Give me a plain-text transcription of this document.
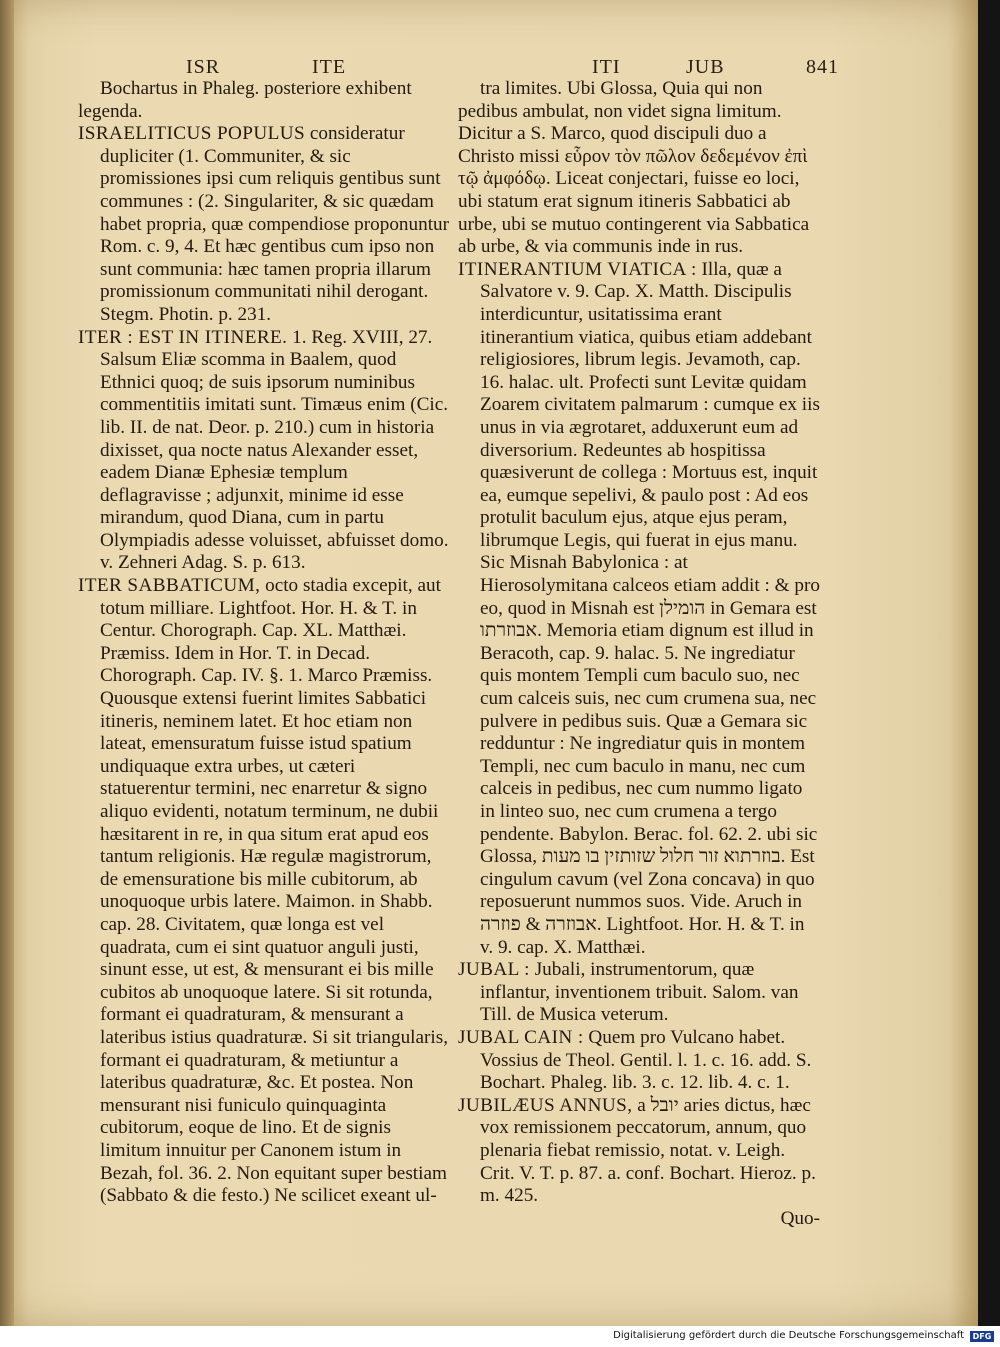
ISR	ITE	ITI	JUB	841

Bochartus in Phaleg. posteriore exhibent legenda.

ISRAELITICUS POPULUS consideratur dupliciter (1. Communiter, & sic promissiones ipsi cum reliquis gentibus sunt communes : (2. Singulariter, & sic quædam habet propria, quæ compendiose proponuntur Rom. c. 9, 4. Et hæc gentibus cum ipso non sunt communia: hæc tamen propria illarum promissionum communitati nihil derogant. Stegm. Photin. p. 231.

ITER : EST IN ITINERE. 1. Reg. XVIII, 27. Salsum Eliæ scomma in Baalem, quod Ethnici quoq; de suis ipsorum numinibus commentitiis imitati sunt. Timæus enim (Cic. lib. II. de nat. Deor. p. 210.) cum in historia dixisset, qua nocte natus Alexander esset, eadem Dianæ Ephesiæ templum deflagravisse ; adjunxit, minime id esse mirandum, quod Diana, cum in partu Olympiadis adesse voluisset, abfuisset domo. v. Zehneri Adag. S. p. 613.

ITER SABBATICUM, octo stadia excepit, aut totum milliare. Lightfoot. Hor. H. & T. in Centur. Chorograph. Cap. XL. Matthæi. Præmiss. Idem in Hor. T. in Decad. Chorograph. Cap. IV. §. 1. Marco Præmiss. Quousque extensi fuerint limites Sabbatici itineris, neminem latet. Et hoc etiam non lateat, emensuratum fuisse istud spatium undiquaque extra urbes, ut cæteri statuerentur termini, nec enarretur & signo aliquo evidenti, notatum terminum, ne dubii hæsitarent in re, in qua situm erat apud eos tantum religionis. Hæ regulæ magistrorum, de emensuratione bis mille cubitorum, ab unoquoque urbis latere. Maimon. in Shabb. cap. 28. Civitatem, quæ longa est vel quadrata, cum ei sint quatuor anguli justi, sinunt esse, ut est, & mensurant ei bis mille cubitos ab unoquoque latere. Si sit rotunda, formant ei quadraturam, & mensurant a lateribus istius quadraturæ. Si sit triangularis, formant ei quadraturam, & metiuntur a lateribus quadraturæ, &c. Et postea. Non mensurant nisi funiculo quinquaginta cubitorum, eoque de lino. Et de signis limitum innuitur per Canonem istum in Bezah, fol. 36. 2. Non equitant super bestiam (Sabbato & die festo.) Ne scilicet exeant ul-

tra limites. Ubi Glossa, Quia qui non pedibus ambulat, non videt signa limitum. Dicitur a S. Marco, quod discipuli duo a Christo missi εὗρον τὸν πῶλον δεδεμένον ἐπὶ τῷ ἀμφόδῳ. Liceat conjectari, fuisse eo loci, ubi statum erat signum itineris Sabbatici ab urbe, ubi se mutuo contingerent via Sabbatica ab urbe, & via communis inde in rus.

ITINERANTIUM VIATICA : Illa, quæ a Salvatore v. 9. Cap. X. Matth. Discipulis interdicuntur, usitatissima erant itinerantium viatica, quibus etiam addebant religiosiores, librum legis. Jevamoth, cap. 16. halac. ult. Profecti sunt Levitæ quidam Zoarem civitatem palmarum : cumque ex iis unus in via ægrotaret, adduxerunt eum ad diversorium. Redeuntes ab hospitissa quæsiverunt de collega : Mortuus est, inquit ea, eumque sepelivi, & paulo post : Ad eos protulit baculum ejus, atque ejus peram, librumque Legis, qui fuerat in ejus manu. Sic Misnah Babylonica : at Hierosolymitana calceos etiam addit : & pro eo, quod in Misnah est הומילן in Gemara est אבוזרתו. Memoria etiam dignum est illud in Beracoth, cap. 9. halac. 5. Ne ingrediatur quis montem Templi cum baculo suo, nec cum calceis suis, nec cum crumena sua, nec pulvere in pedibus suis. Quæ a Gemara sic redduntur : Ne ingrediatur quis in montem Templi, nec cum baculo in manu, nec cum calceis in pedibus, nec cum nummo ligato in linteo suo, nec cum crumena a tergo pendente. Babylon. Berac. fol. 62. 2. ubi sic Glossa, בוזרתוא זור חלול שזותזין בו מעות. Est cingulum cavum (vel Zona concava) in quo reposuerunt nummos suos. Vide. Aruch in אבוזרה & פוזרה. Lightfoot. Hor. H. & T. in v. 9. cap. X. Matthæi.

JUBAL : Jubali, instrumentorum, quæ inflantur, inventionem tribuit. Salom. van Till. de Musica veterum.

JUBAL CAIN : Quem pro Vulcano habet. Vossius de Theol. Gentil. l. 1. c. 16. add. S. Bochart. Phaleg. lib. 3. c. 12. lib. 4. c. 1.

JUBILÆUS ANNUS, a יובל aries dictus, hæc vox remissionem peccatorum, annum, quo plenaria fiebat remissio, notat. v. Leigh. Crit. V. T. p. 87. a. conf. Bochart. Hieroz. p. m. 425.

Quo-

Digitalisierung gefördert durch die Deutsche Forschungsgemeinschaft	DFG
